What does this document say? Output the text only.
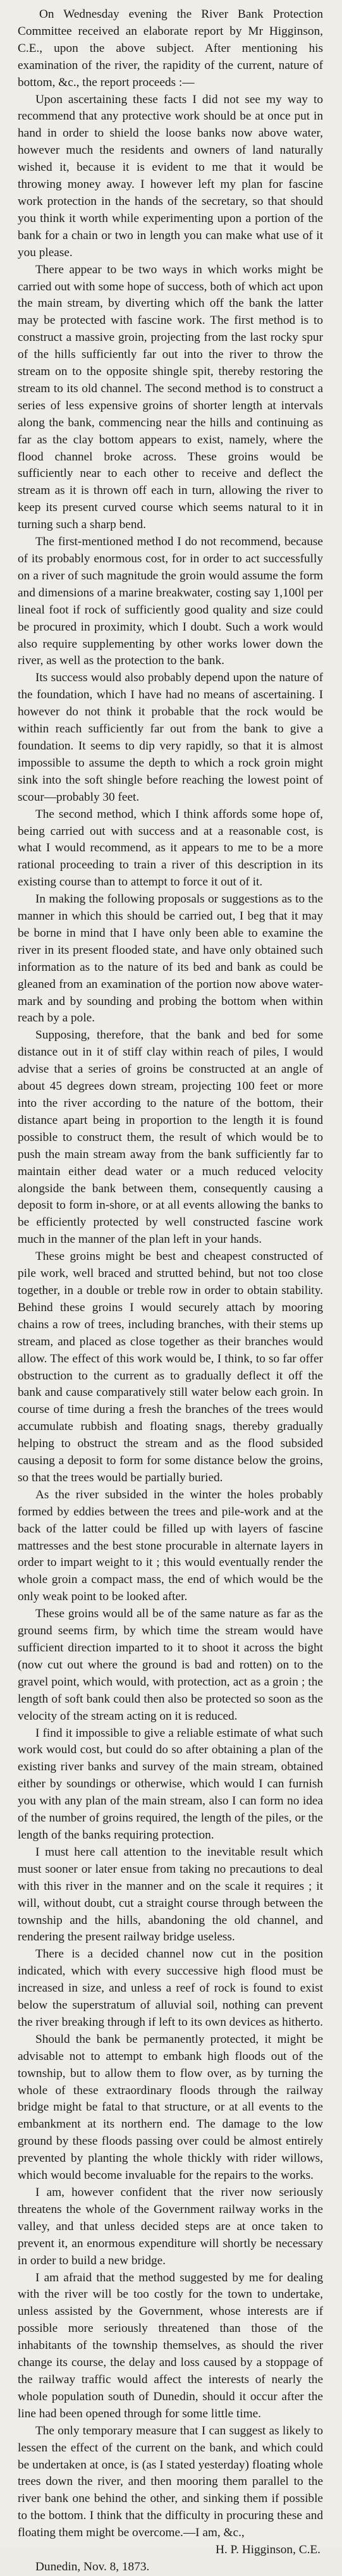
On Wednesday evening the River Bank Protection Committee received an elaborate report by Mr Higginson, C.E., upon the above subject. After mentioning his examination of the river, the rapidity of the current, nature of bottom, &c., the report proceeds :—

Upon ascertaining these facts I did not see my way to recommend that any protective work should be at once put in hand in order to shield the loose banks now above water, however much the residents and owners of land naturally wished it, because it is evident to me that it would be throwing money away. I however left my plan for fascine work protection in the hands of the secretary, so that should you think it worth while experimenting upon a portion of the bank for a chain or two in length you can make what use of it you please.

There appear to be two ways in which works might be carried out with some hope of success, both of which act upon the main stream, by diverting which off the bank the latter may be protected with fascine work. The first method is to construct a massive groin, projecting from the last rocky spur of the hills sufficiently far out into the river to throw the stream on to the opposite shingle spit, thereby restoring the stream to its old channel. The second method is to construct a series of less expensive groins of shorter length at intervals along the bank, commencing near the hills and continuing as far as the clay bottom appears to exist, namely, where the flood channel broke across. These groins would be sufficiently near to each other to receive and deflect the stream as it is thrown off each in turn, allowing the river to keep its present curved course which seems natural to it in turning such a sharp bend.

The first-mentioned method I do not recommend, because of its probably enormous cost, for in order to act successfully on a river of such magnitude the groin would assume the form and dimensions of a marine breakwater, costing say 1,100l per lineal foot if rock of sufficiently good quality and size could be procured in proximity, which I doubt. Such a work would also require supplementing by other works lower down the river, as well as the protection to the bank.

Its success would also probably depend upon the nature of the foundation, which I have had no means of ascertaining. I however do not think it probable that the rock would be within reach sufficiently far out from the bank to give a foundation. It seems to dip very rapidly, so that it is almost impossible to assume the depth to which a rock groin might sink into the soft shingle before reaching the lowest point of scour—probably 30 feet.

The second method, which I think affords some hope of, being carried out with success and at a reasonable cost, is what I would recommend, as it appears to me to be a more rational proceeding to train a river of this description in its existing course than to attempt to force it out of it.

In making the following proposals or suggestions as to the manner in which this should be carried out, I beg that it may be borne in mind that I have only been able to examine the river in its present flooded state, and have only obtained such information as to the nature of its bed and bank as could be gleaned from an examination of the portion now above water-mark and by sounding and probing the bottom when within reach by a pole.

Supposing, therefore, that the bank and bed for some distance out in it of stiff clay within reach of piles, I would advise that a series of groins be constructed at an angle of about 45 degrees down stream, projecting 100 feet or more into the river according to the nature of the bottom, their distance apart being in proportion to the length it is found possible to construct them, the result of which would be to push the main stream away from the bank sufficiently far to maintain either dead water or a much reduced velocity alongside the bank between them, consequently causing a deposit to form in-shore, or at all events allowing the banks to be efficiently protected by well constructed fascine work much in the manner of the plan left in your hands.

These groins might be best and cheapest constructed of pile work, well braced and strutted behind, but not too close together, in a double or treble row in order to obtain stability. Behind these groins I would securely attach by mooring chains a row of trees, including branches, with their stems up stream, and placed as close together as their branches would allow. The effect of this work would be, I think, to so far offer obstruction to the current as to gradually deflect it off the bank and cause comparatively still water below each groin. In course of time during a fresh the branches of the trees would accumulate rubbish and floating snags, thereby gradually helping to obstruct the stream and as the flood subsided causing a deposit to form for some distance below the groins, so that the trees would be partially buried.

As the river subsided in the winter the holes probably formed by eddies between the trees and pile-work and at the back of the latter could be filled up with layers of fascine mattresses and the best stone procurable in alternate layers in order to impart weight to it ; this would eventually render the whole groin a compact mass, the end of which would be the only weak point to be looked after.

These groins would all be of the same nature as far as the ground seems firm, by which time the stream would have sufficient direction imparted to it to shoot it across the bight (now cut out where the ground is bad and rotten) on to the gravel point, which would, with protection, act as a groin ; the length of soft bank could then also be protected so soon as the velocity of the stream acting on it is reduced.

I find it impossible to give a reliable estimate of what such work would cost, but could do so after obtaining a plan of the existing river banks and survey of the main stream, obtained either by soundings or otherwise, which would I can furnish you with any plan of the main stream, also I can form no idea of the number of groins required, the length of the piles, or the length of the banks requiring protection.

I must here call attention to the inevitable result which must sooner or later ensue from taking no precautions to deal with this river in the manner and on the scale it requires ; it will, without doubt, cut a straight course through between the township and the hills, abandoning the old channel, and rendering the present railway bridge useless.

There is a decided channel now cut in the position indicated, which with every successive high flood must be increased in size, and unless a reef of rock is found to exist below the superstratum of alluvial soil, nothing can prevent the river breaking through if left to its own devices as hitherto.

Should the bank be permanently protected, it might be advisable not to attempt to embank high floods out of the township, but to allow them to flow over, as by turning the whole of these extraordinary floods through the railway bridge might be fatal to that structure, or at all events to the embankment at its northern end. The damage to the low ground by these floods passing over could be almost entirely prevented by planting the whole thickly with rider willows, which would become invaluable for the repairs to the works.

I am, however confident that the river now seriously threatens the whole of the Government railway works in the valley, and that unless decided steps are at once taken to prevent it, an enormous expenditure will shortly be necessary in order to build a new bridge.

I am afraid that the method suggested by me for dealing with the river will be too costly for the town to undertake, unless assisted by the Government, whose interests are if possible more seriously threatened than those of the inhabitants of the township themselves, as should the river change its course, the delay and loss caused by a stoppage of the railway traffic would affect the interests of nearly the whole population south of Dunedin, should it occur after the line had been opened through for some little time.

The only temporary measure that I can suggest as likely to lessen the effect of the current on the bank, and which could be undertaken at once, is (as I stated yesterday) floating whole trees down the river, and then mooring them parallel to the river bank one behind the other, and sinking them if possible to the bottom. I think that the difficulty in procuring these and floating them might be overcome.—I am, &c.,

H. P. Higginson, C.E.

Dunedin, Nov. 8, 1873.
